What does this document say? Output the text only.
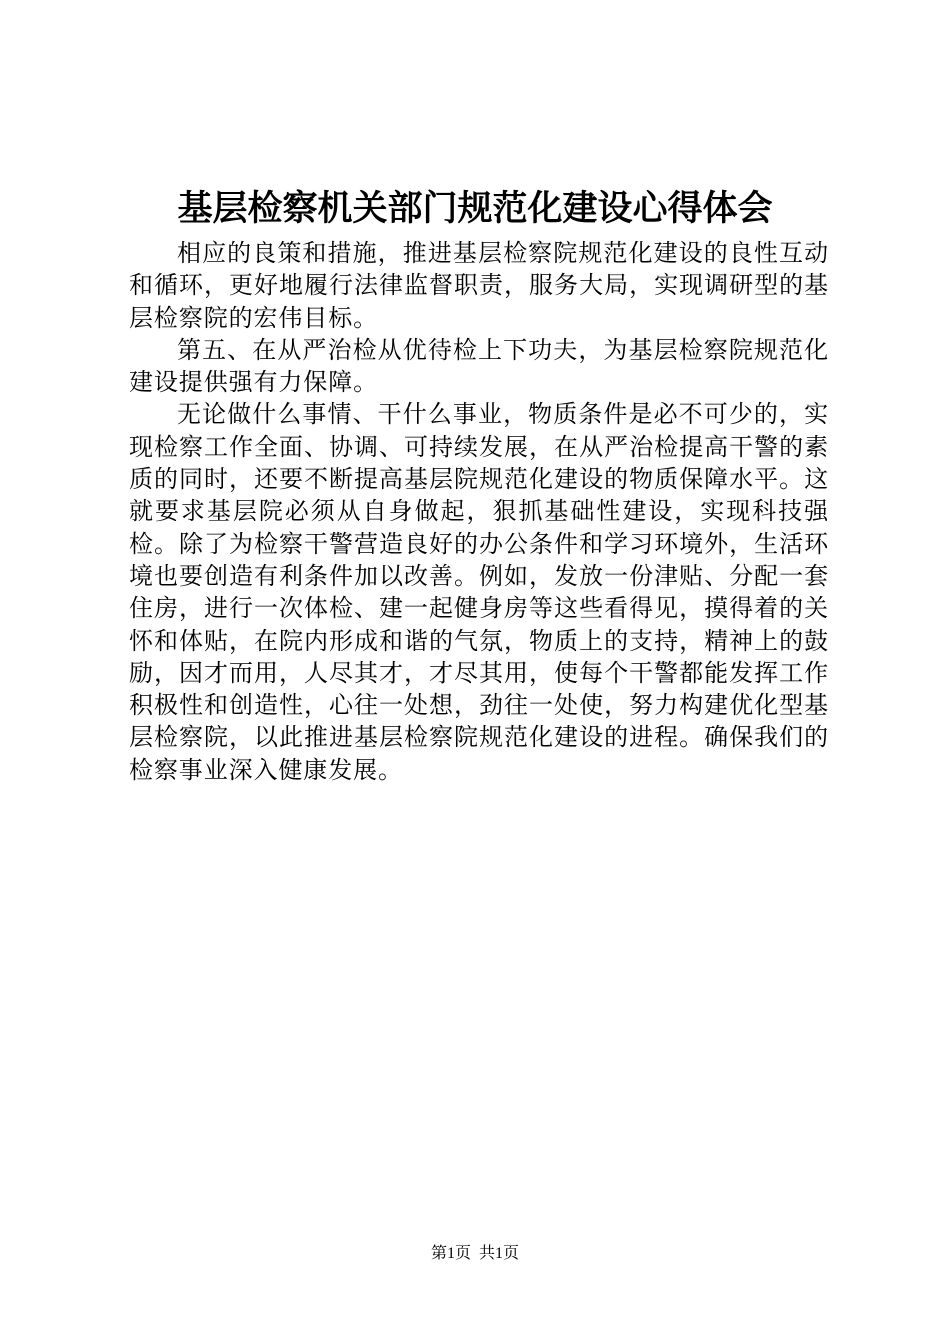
基层检察机关部门规范化建设心得体会

相应的良策和措施，推进基层检察院规范化建设的良性互动和循环，更好地履行法律监督职责，服务大局，实现调研型的基层检察院的宏伟目标。

第五、在从严治检从优待检上下功夫，为基层检察院规范化建设提供强有力保障。

无论做什么事情、干什么事业，物质条件是必不可少的，实现检察工作全面、协调、可持续发展，在从严治检提高干警的素质的同时，还要不断提高基层院规范化建设的物质保障水平。这就要求基层院必须从自身做起，狠抓基础性建设，实现科技强检。除了为检察干警营造良好的办公条件和学习环境外，生活环境也要创造有利条件加以改善。例如，发放一份津贴、分配一套住房，进行一次体检、建一起健身房等这些看得见，摸得着的关怀和体贴，在院内形成和谐的气氛，物质上的支持，精神上的鼓励，因才而用，人尽其才，才尽其用，使每个干警都能发挥工作积极性和创造性，心往一处想，劲往一处使，努力构建优化型基层检察院，以此推进基层检察院规范化建设的进程。确保我们的检察事业深入健康发展。

第1页 共1页
